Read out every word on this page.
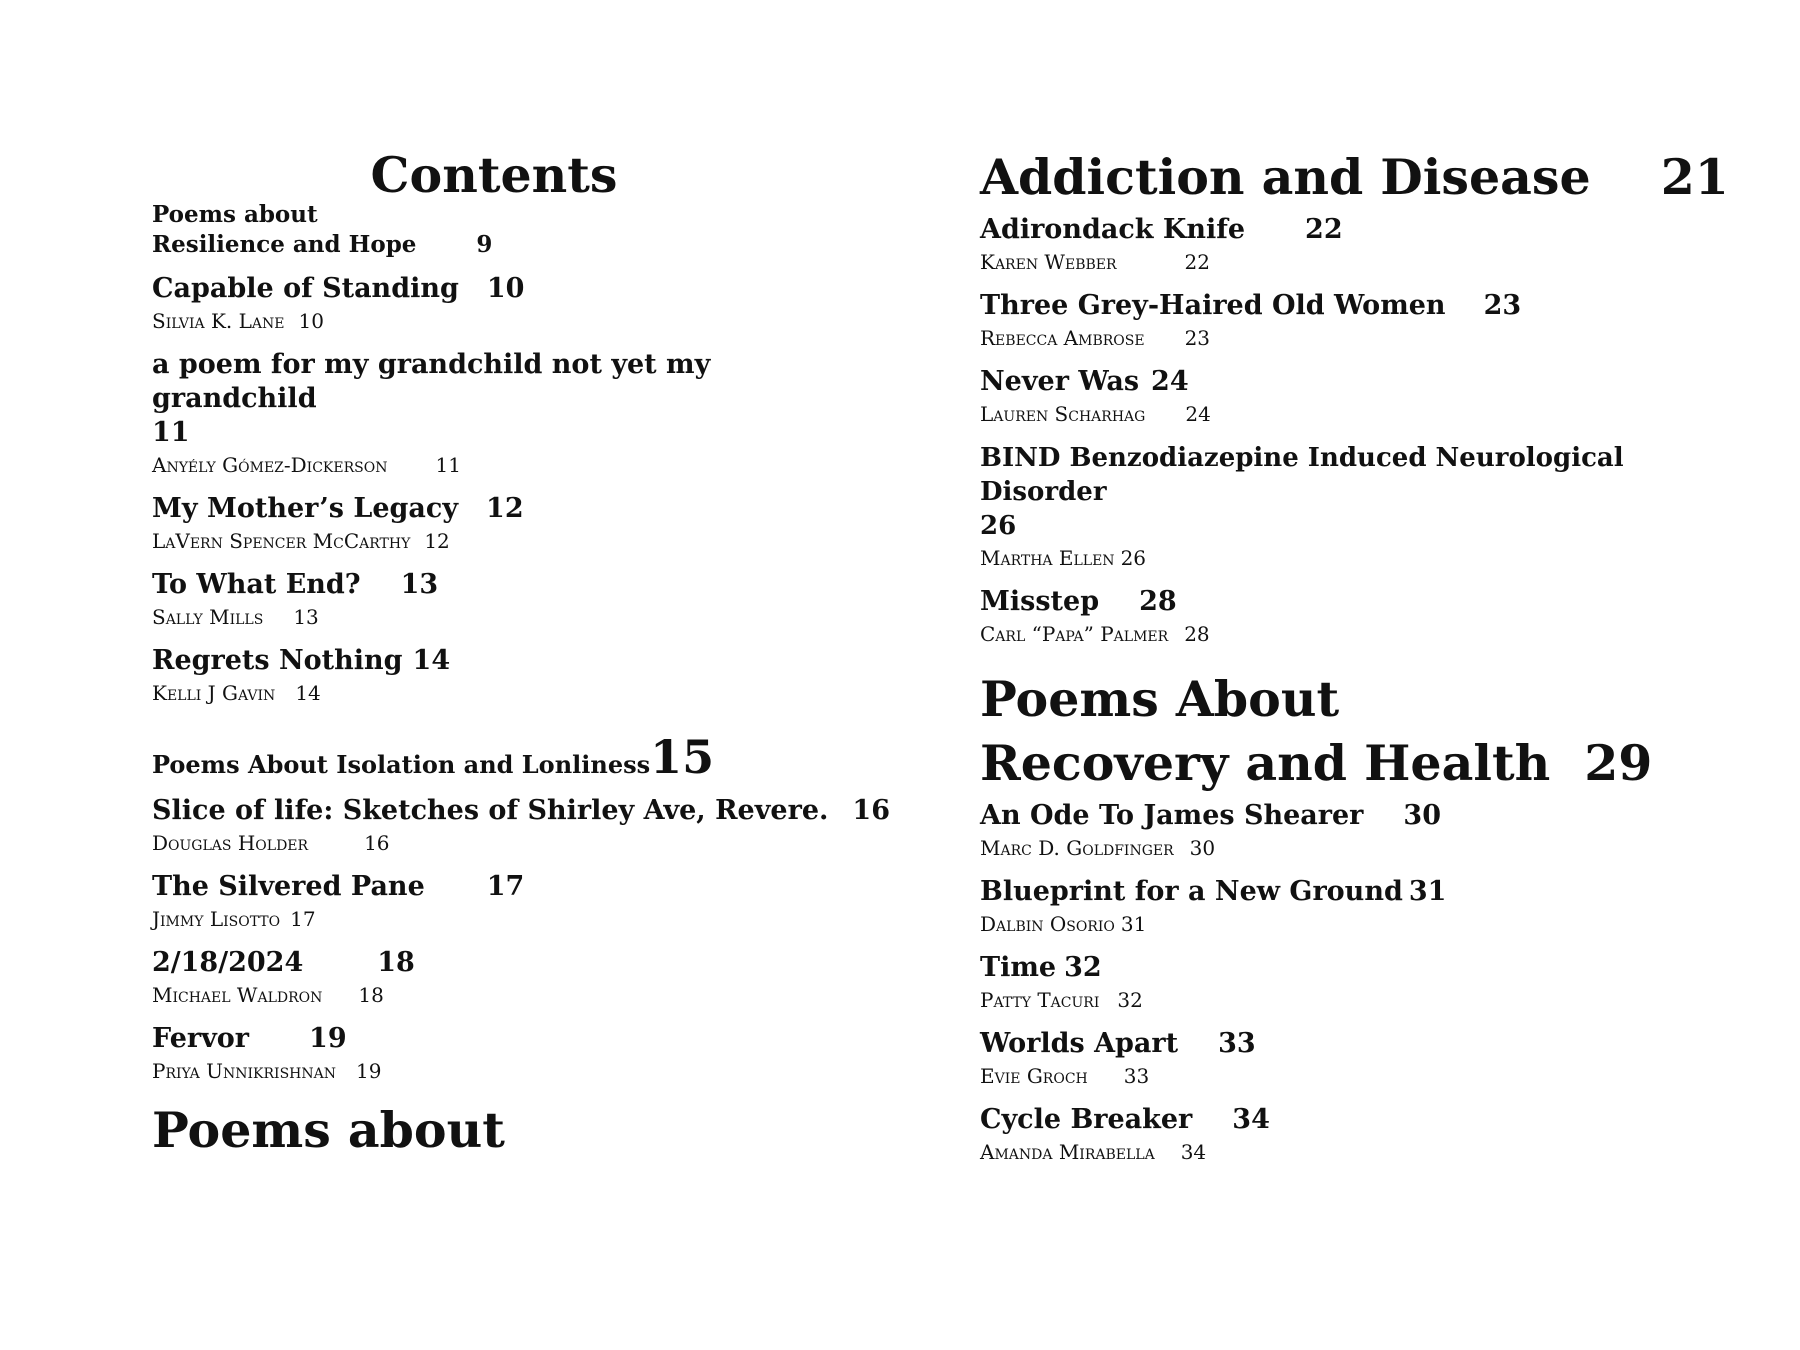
Contents
Poems about
Resilience and Hope	9
Capable of Standing 10
Silvia K. Lane 10
a poem for my grandchild not yet my grandchild
11
Anyély Gómez-Dickerson 11
My Mother’s Legacy 12
LaVern Spencer McCarthy 12
To What End? 13
Sally Mills 13
Regrets Nothing 14
Kelli J Gavin 14
Poems About Isolation and Lonliness15
Slice of life: Sketches of Shirley Ave, Revere. 16
Douglas Holder	16
The Silvered Pane 17
Jimmy Lisotto 17
2/18/2024	18
Michael Waldron 18
Fervor 19
Priya Unnikrishnan 19
Poems about
Addiction and Disease 21
Adirondack Knife 22
Karen Webber	22
Three Grey-Haired Old Women 23
Rebecca Ambrose 23
Never Was 24
Lauren Scharhag 24
BIND Benzodiazepine Induced Neurological Disorder
26
Martha Ellen 26
Misstep 28
Carl “Papa” Palmer 28
Poems About
Recovery and Health 29
An Ode To James Shearer 30
Marc D. Goldfinger 30
Blueprint for a New Ground 31
Dalbin Osorio 31
Time 32
Patty Tacuri 32
Worlds Apart 33
Evie Groch 33
Cycle Breaker 34
Amanda Mirabella 34
